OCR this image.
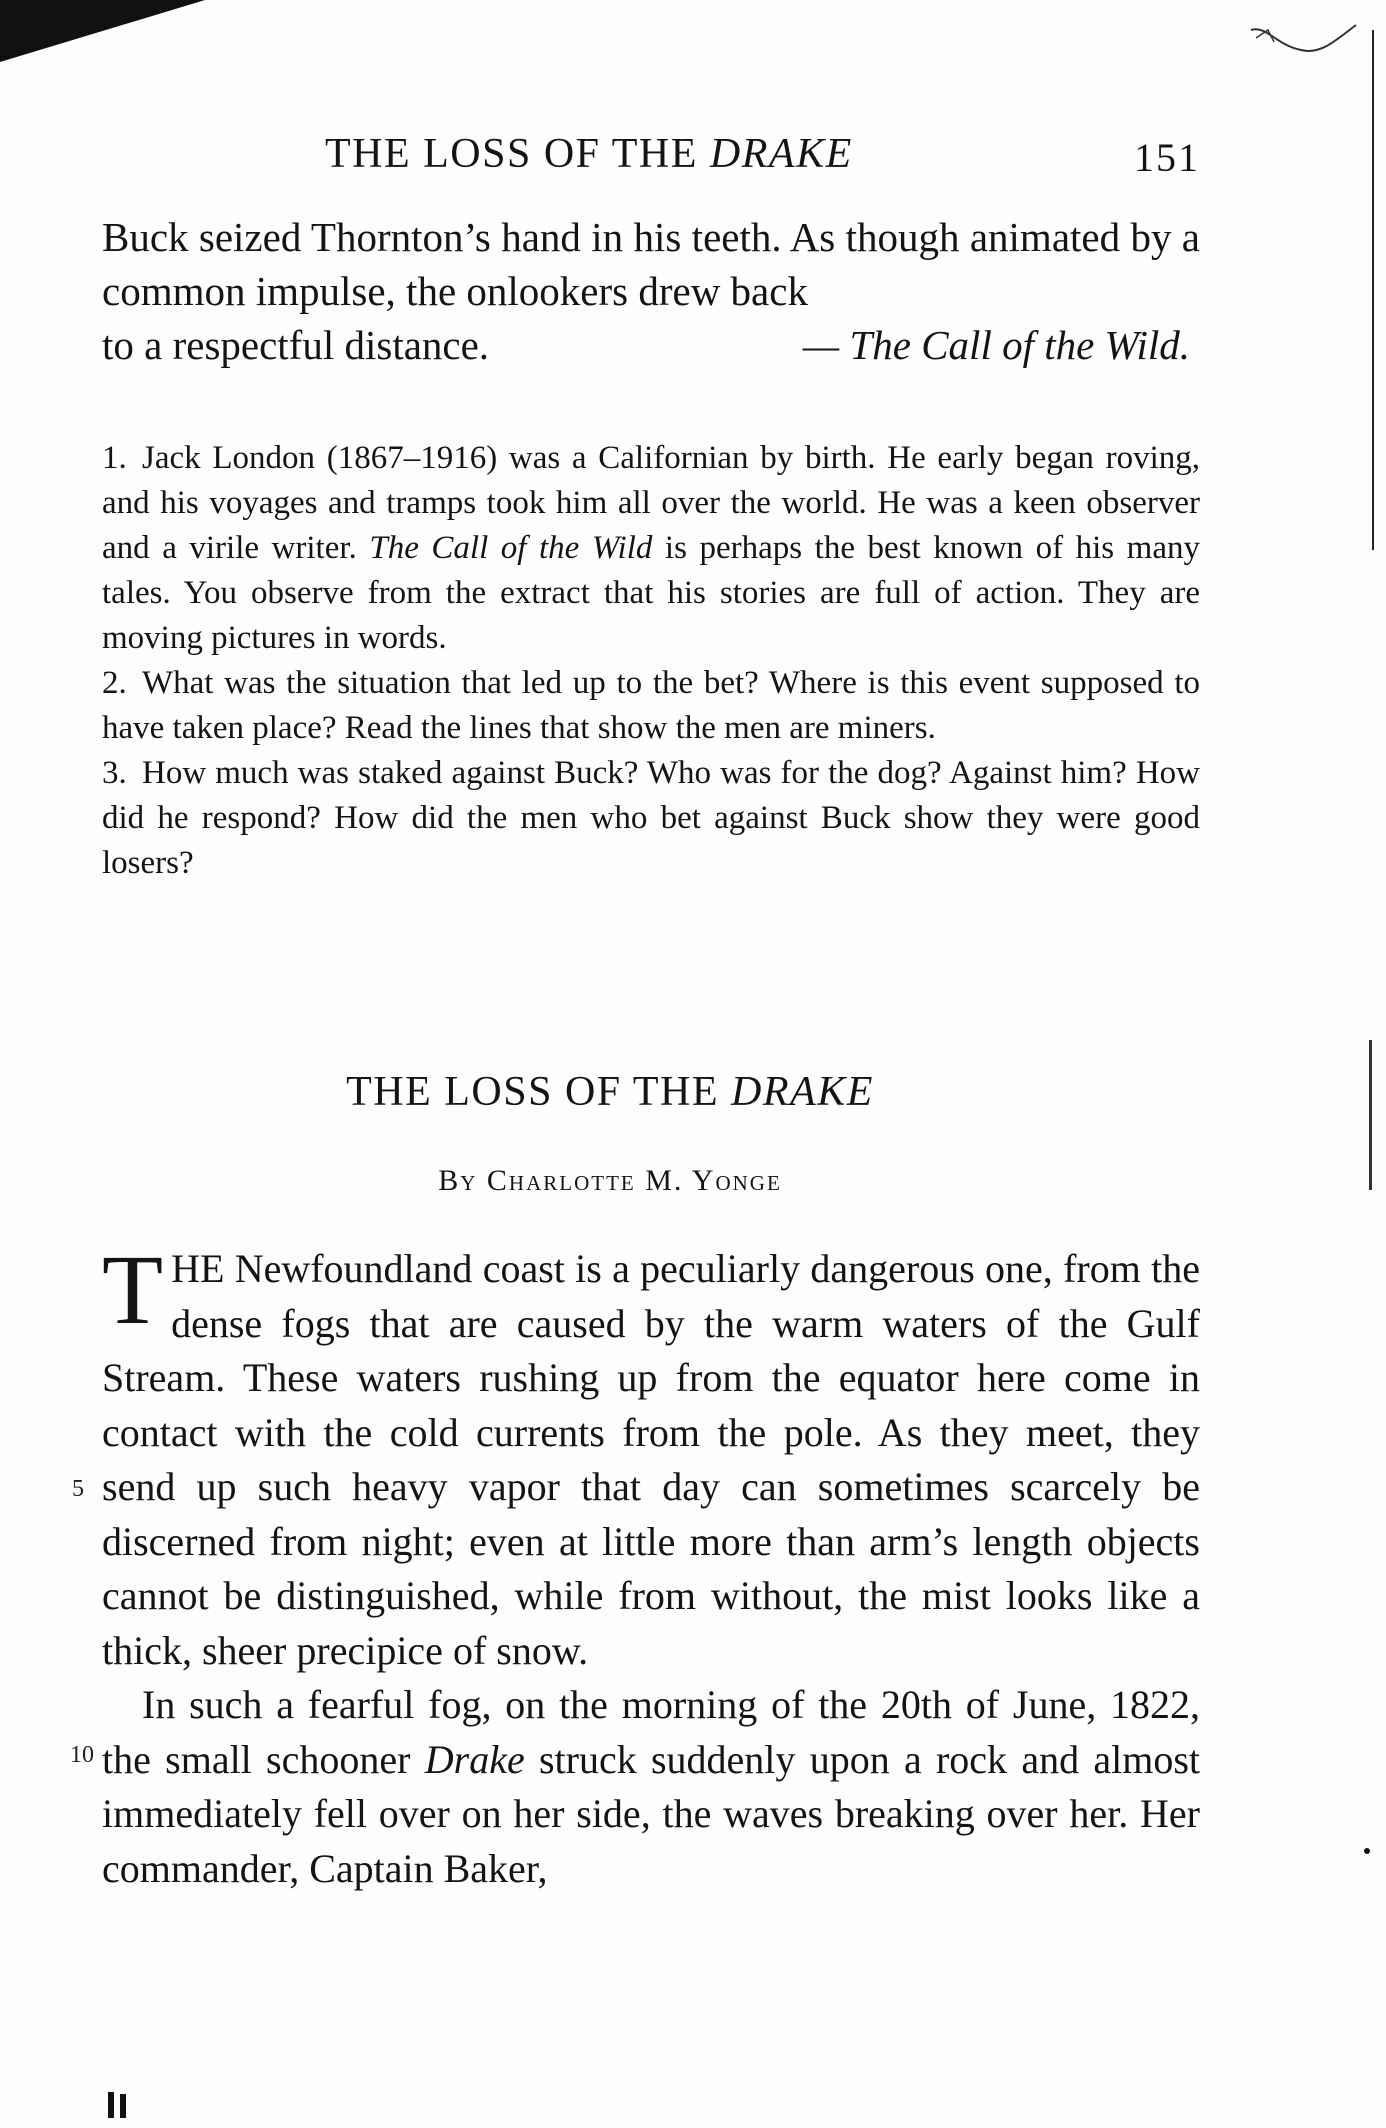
THE LOSS OF THE DRAKE	151
Buck seized Thornton’s hand in his teeth. As though animated by a common impulse, the onlookers drew back
to a respectful distance.	— The Call of the Wild.

1. Jack London (1867–1916) was a Californian by birth. He early began roving, and his voyages and tramps took him all over the world. He was a keen observer and a virile writer. The Call of the Wild is perhaps the best known of his many tales. You observe from the extract that his stories are full of action. They are moving pictures in words.

2. What was the situation that led up to the bet? Where is this event supposed to have taken place? Read the lines that show the men are miners.

3. How much was staked against Buck? Who was for the dog? Against him? How did he respond? How did the men who bet against Buck show they were good losers?

THE LOSS OF THE DRAKE
By Charlotte M. Yonge

THE Newfoundland coast is a peculiarly dangerous one, from the dense fogs that are caused by the warm waters of the Gulf Stream. These waters rushing up from the equator here come in contact with the cold currents from the pole. As they meet, they send up such heavy vapor that day can sometimes scarcely be discerned from night; even at little more than arm’s length objects cannot be distinguished, while from without, the mist looks like a thick, sheer precipice of snow.

In such a fearful fog, on the morning of the 20th of June, 1822, the small schooner Drake struck suddenly upon a rock and almost immediately fell over on her side, the waves breaking over her. Her commander, Captain Baker,

5
10
